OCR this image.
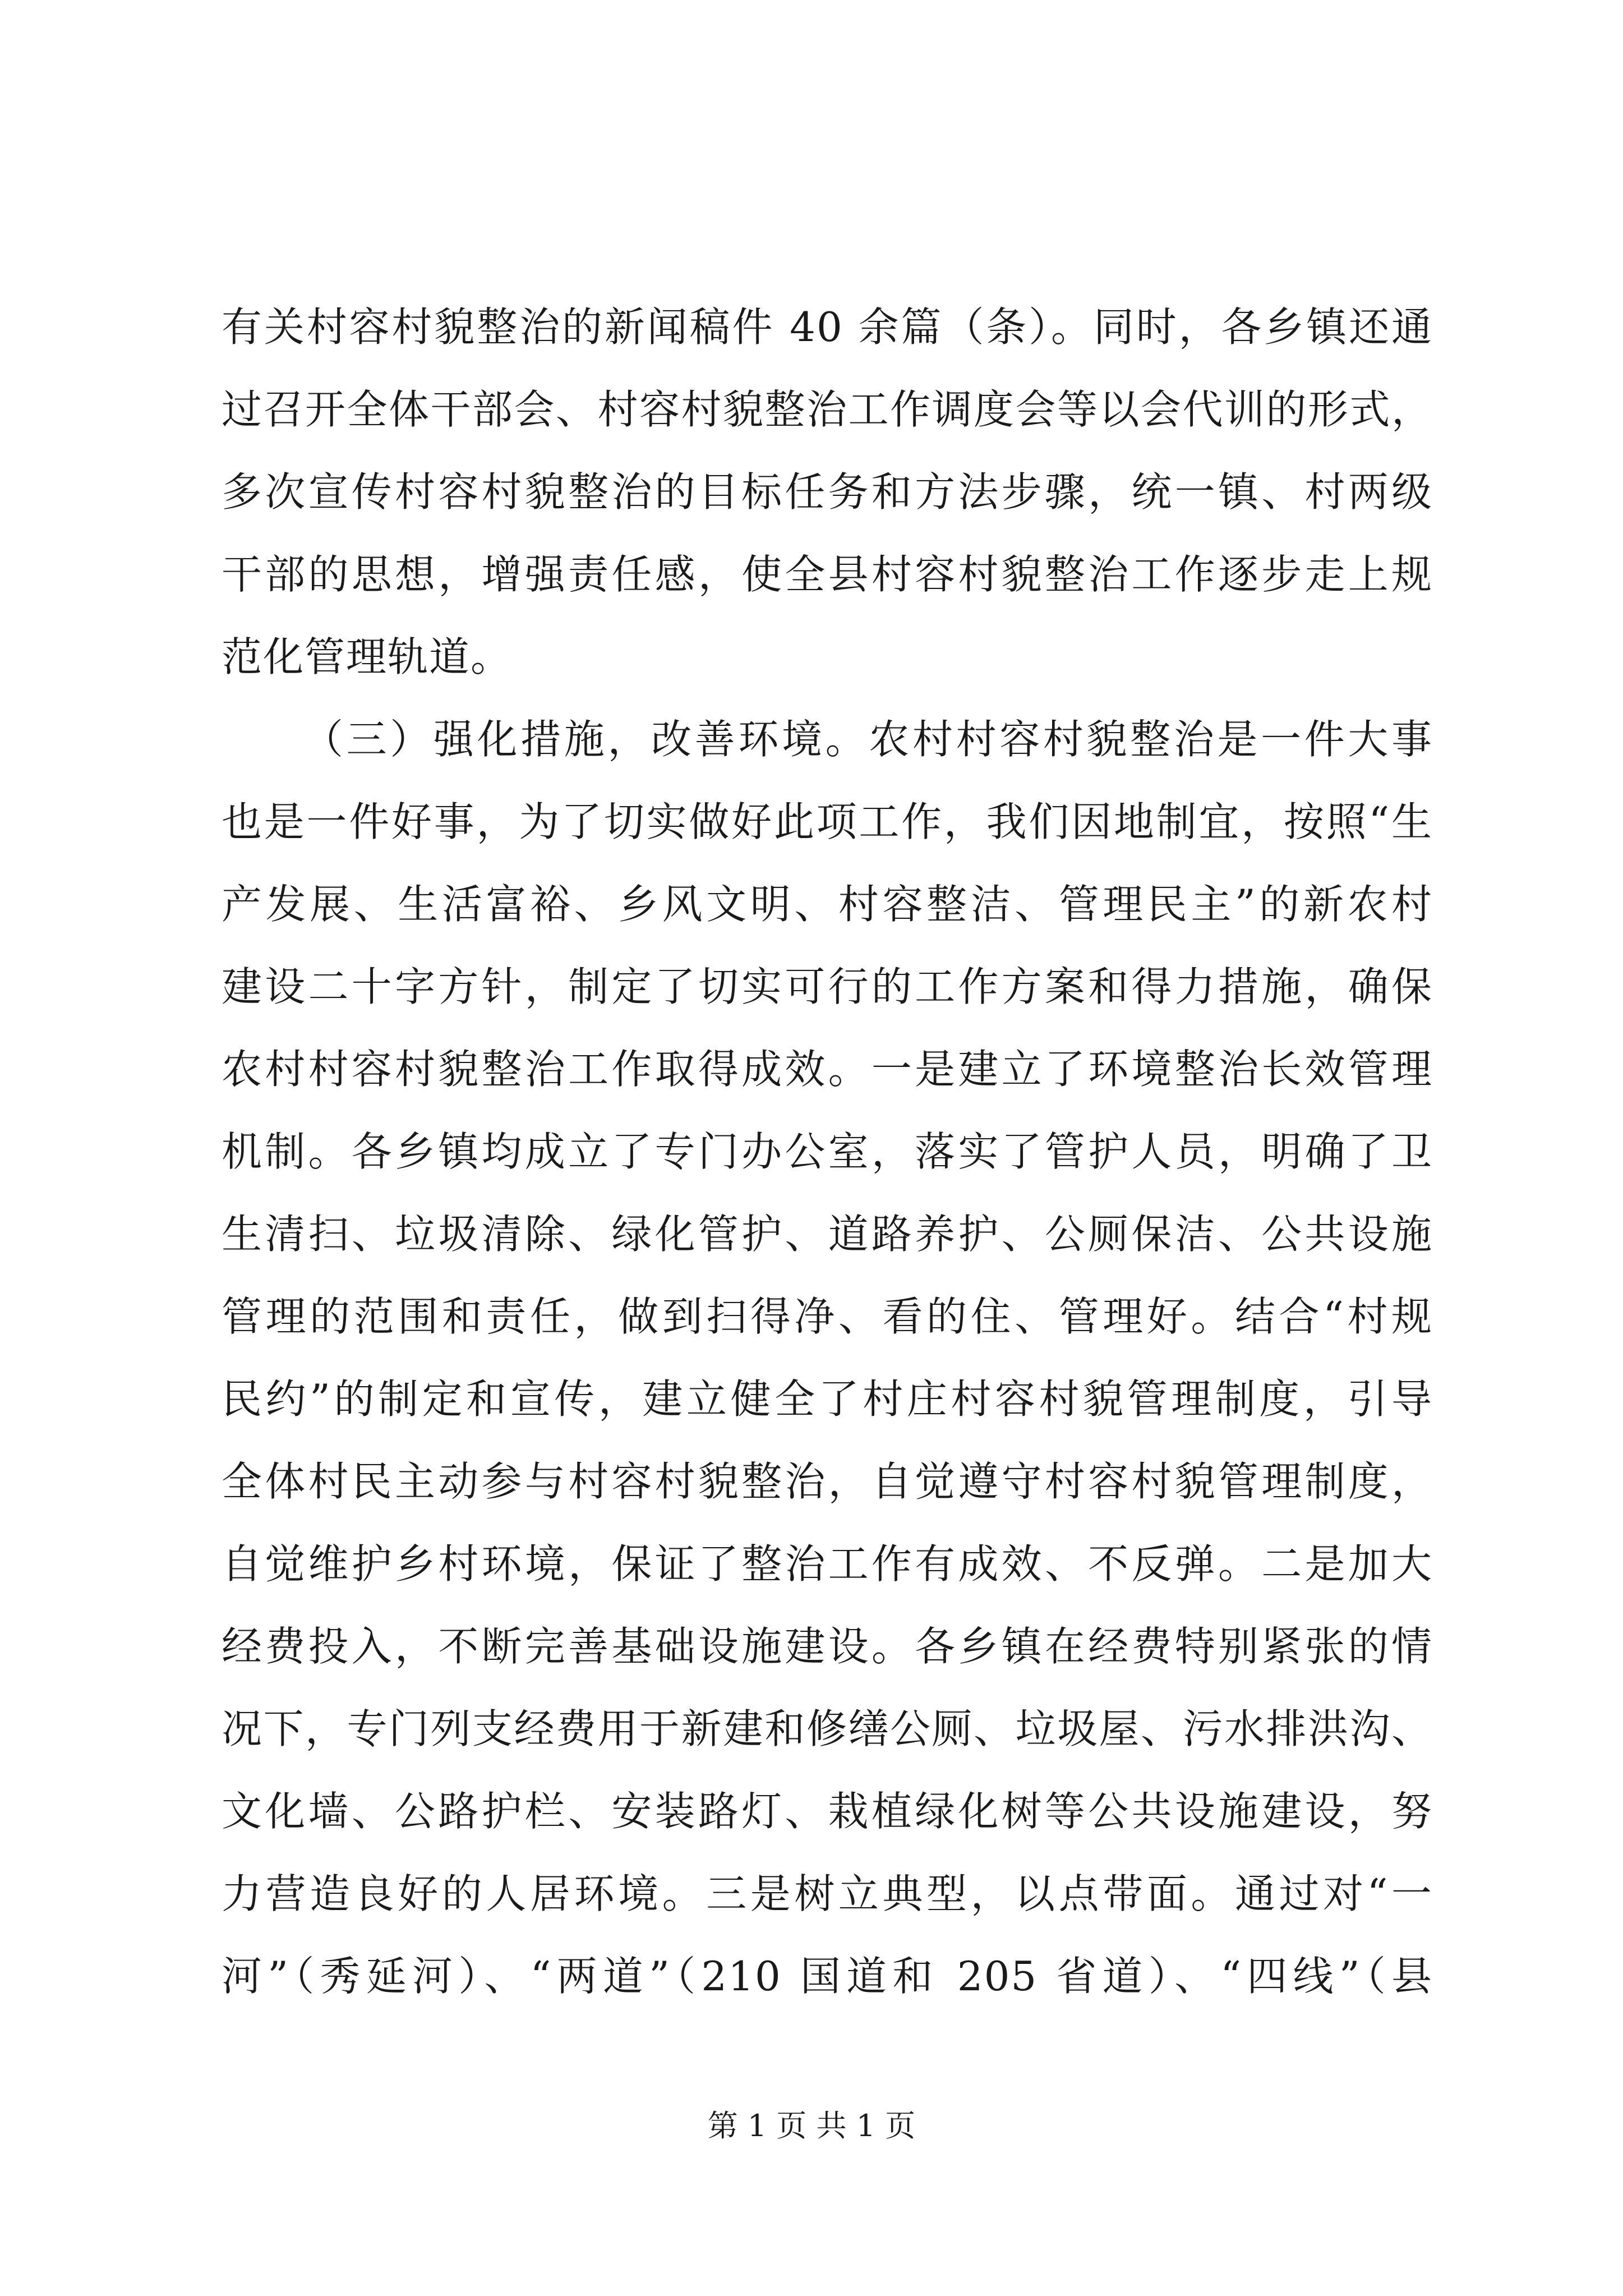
有关村容村貌整治的新闻稿件 40 余篇（条）。同时，各乡镇还通
过召开全体干部会、村容村貌整治工作调度会等以会代训的形式，
多次宣传村容村貌整治的目标任务和方法步骤，统一镇、村两级
干部的思想，增强责任感，使全县村容村貌整治工作逐步走上规
范化管理轨道。
（三）强化措施，改善环境。农村村容村貌整治是一件大事
也是一件好事，为了切实做好此项工作，我们因地制宜，按照“生
产发展、生活富裕、乡风文明、村容整洁、管理民主”的新农村
建设二十字方针，制定了切实可行的工作方案和得力措施，确保
农村村容村貌整治工作取得成效。一是建立了环境整治长效管理
机制。各乡镇均成立了专门办公室，落实了管护人员，明确了卫
生清扫、垃圾清除、绿化管护、道路养护、公厕保洁、公共设施
管理的范围和责任，做到扫得净、看的住、管理好。结合“村规
民约”的制定和宣传，建立健全了村庄村容村貌管理制度，引导
全体村民主动参与村容村貌整治，自觉遵守村容村貌管理制度，
自觉维护乡村环境，保证了整治工作有成效、不反弹。二是加大
经费投入，不断完善基础设施建设。各乡镇在经费特别紧张的情
况下，专门列支经费用于新建和修缮公厕、垃圾屋、污水排洪沟、
文化墙、公路护栏、安装路灯、栽植绿化树等公共设施建设，努
力营造良好的人居环境。三是树立典型，以点带面。通过对“一
河”（秀延河）、“两道”（210 国道和 205 省道）、“四线”（县
第 1 页 共 1 页
